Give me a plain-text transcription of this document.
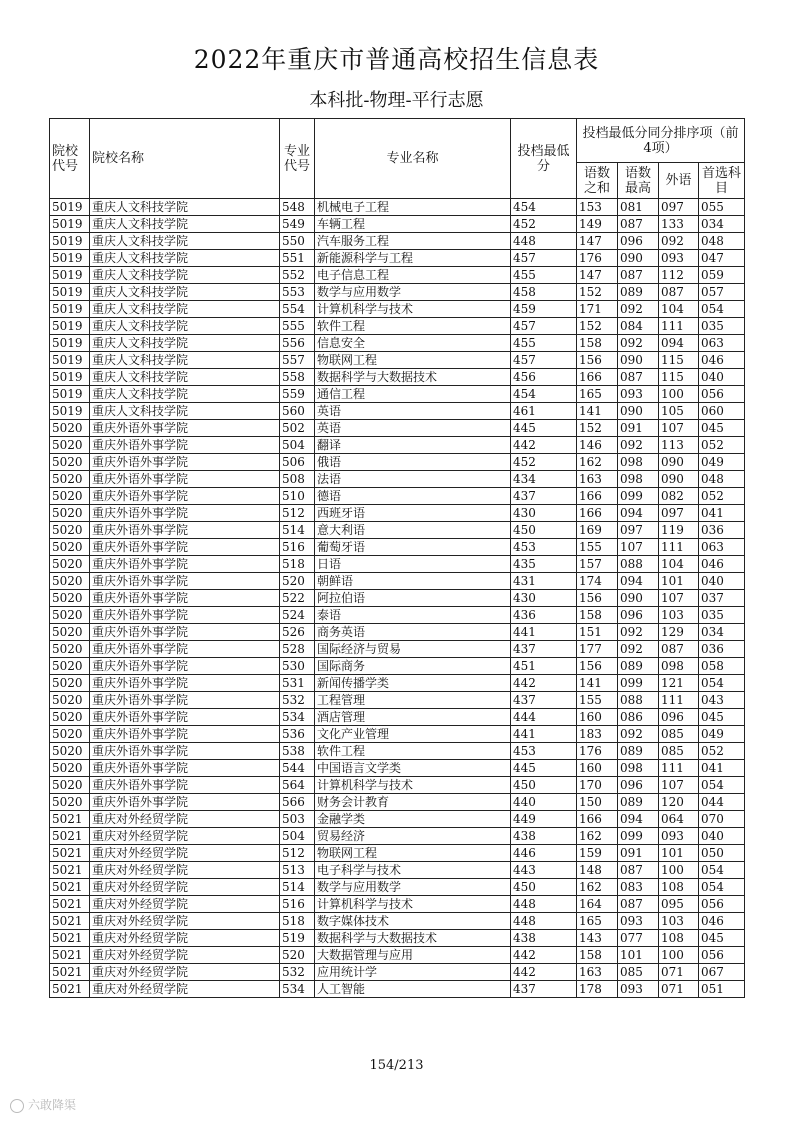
2022年重庆市普通高校招生信息表
本科批-物理-平行志愿
院校代号	院校名称	专业代号	专业名称	投档最低分	投档最低分同分排序项（前4项）			
					语数之和	语数最高	外语	首选科目
5019	重庆人文科技学院	548	机械电子工程	454	153	081	097	055
5019	重庆人文科技学院	549	车辆工程	452	149	087	133	034
5019	重庆人文科技学院	550	汽车服务工程	448	147	096	092	048
5019	重庆人文科技学院	551	新能源科学与工程	457	176	090	093	047
5019	重庆人文科技学院	552	电子信息工程	455	147	087	112	059
5019	重庆人文科技学院	553	数学与应用数学	458	152	089	087	057
5019	重庆人文科技学院	554	计算机科学与技术	459	171	092	104	054
5019	重庆人文科技学院	555	软件工程	457	152	084	111	035
5019	重庆人文科技学院	556	信息安全	455	158	092	094	063
5019	重庆人文科技学院	557	物联网工程	457	156	090	115	046
5019	重庆人文科技学院	558	数据科学与大数据技术	456	166	087	115	040
5019	重庆人文科技学院	559	通信工程	454	165	093	100	056
5019	重庆人文科技学院	560	英语	461	141	090	105	060
5020	重庆外语外事学院	502	英语	445	152	091	107	045
5020	重庆外语外事学院	504	翻译	442	146	092	113	052
5020	重庆外语外事学院	506	俄语	452	162	098	090	049
5020	重庆外语外事学院	508	法语	434	163	098	090	048
5020	重庆外语外事学院	510	德语	437	166	099	082	052
5020	重庆外语外事学院	512	西班牙语	430	166	094	097	041
5020	重庆外语外事学院	514	意大利语	450	169	097	119	036
5020	重庆外语外事学院	516	葡萄牙语	453	155	107	111	063
5020	重庆外语外事学院	518	日语	435	157	088	104	046
5020	重庆外语外事学院	520	朝鲜语	431	174	094	101	040
5020	重庆外语外事学院	522	阿拉伯语	430	156	090	107	037
5020	重庆外语外事学院	524	泰语	436	158	096	103	035
5020	重庆外语外事学院	526	商务英语	441	151	092	129	034
5020	重庆外语外事学院	528	国际经济与贸易	437	177	092	087	036
5020	重庆外语外事学院	530	国际商务	451	156	089	098	058
5020	重庆外语外事学院	531	新闻传播学类	442	141	099	121	054
5020	重庆外语外事学院	532	工程管理	437	155	088	111	043
5020	重庆外语外事学院	534	酒店管理	444	160	086	096	045
5020	重庆外语外事学院	536	文化产业管理	441	183	092	085	049
5020	重庆外语外事学院	538	软件工程	453	176	089	085	052
5020	重庆外语外事学院	544	中国语言文学类	445	160	098	111	041
5020	重庆外语外事学院	564	计算机科学与技术	450	170	096	107	054
5020	重庆外语外事学院	566	财务会计教育	440	150	089	120	044
5021	重庆对外经贸学院	503	金融学类	449	166	094	064	070
5021	重庆对外经贸学院	504	贸易经济	438	162	099	093	040
5021	重庆对外经贸学院	512	物联网工程	446	159	091	101	050
5021	重庆对外经贸学院	513	电子科学与技术	443	148	087	100	054
5021	重庆对外经贸学院	514	数学与应用数学	450	162	083	108	054
5021	重庆对外经贸学院	516	计算机科学与技术	448	164	087	095	056
5021	重庆对外经贸学院	518	数字媒体技术	448	165	093	103	046
5021	重庆对外经贸学院	519	数据科学与大数据技术	438	143	077	108	045
5021	重庆对外经贸学院	520	大数据管理与应用	442	158	101	100	056
5021	重庆对外经贸学院	532	应用统计学	442	163	085	071	067
5021	重庆对外经贸学院	534	人工智能	437	178	093	071	051
154/213
六敢降渠
